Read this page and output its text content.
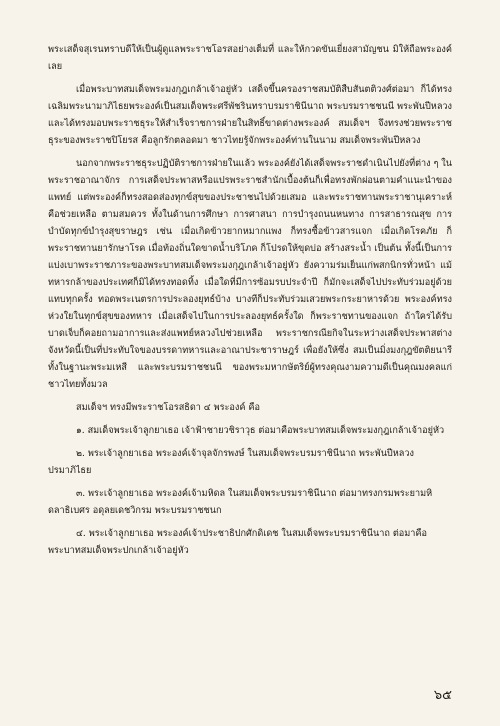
พระเสด็จสุเรนทราบดีให้เป็นผู้ดูแลพระราชโอรสอย่างเต็มที่ และให้กวดขันเยี่ยงสามัญชน มิให้ถือพระองค์เลย

เมื่อพระบาทสมเด็จพระมงกุฎเกล้าเจ้าอยู่หัว เสด็จขึ้นครองราชสมบัติสืบสันตติวงศ์ต่อมา ก็ได้ทรงเฉลิมพระนามาภิไธยพระองค์เป็นสมเด็จพระศรีพัชรินทราบรมราชินีนาถ พระบรมราชชนนี พระพันปีหลวง และได้ทรงมอบพระราชธุระให้สำเร็จราชการฝ่ายในสิทธิ์ขาดต่างพระองค์ สมเด็จฯ จึงทรงช่วยพระราชธุระของพระราชปิโยรส คือลูกรักตลอดมา ชาวไทยรู้จักพระองค์ท่านในนาม สมเด็จพระพันปีหลวง

นอกจากพระราชธุระปฏิบัติราชการฝ่ายในแล้ว พระองค์ยังได้เสด็จพระราชดำเนินไปยังที่ต่าง ๆ ในพระราชอาณาจักร การเสด็จประพาสหรือแปรพระราชสำนักเบื้องต้นก็เพื่อทรงพักผ่อนตามคำแนะนำของแพทย์ แต่พระองค์ก็ทรงสอดส่องทุกข์สุขของประชาชนไปด้วยเสมอ และพระราชทานพระราชานุเคราะห์ คือช่วยเหลือ ตามสมควร ทั้งในด้านการศึกษา การศาสนา การบำรุงถนนหนทาง การสาธารณสุข การบำบัดทุกข์บำรุงสุขราษฎร เช่น เมื่อเกิดข้าวยากหมากแพง ก็ทรงซื้อข้าวสารแจก เมื่อเกิดโรคภัย ก็พระราชทานยารักษาโรค เมื่อท้องถิ่นใดขาดน้ำบริโภค ก็โปรดให้ขุดบ่อ สร้างสระน้ำ เป็นต้น ทั้งนี้เป็นการแบ่งเบาพระราชภาระของพระบาทสมเด็จพระมงกุฎเกล้าเจ้าอยู่หัว ยังความร่มเย็นแก่พสกนิกรทั่วหน้า แม้ทหารกล้าของประเทศก็มิได้ทรงทอดทิ้ง เมื่อใดที่มีการซ้อมรบประจำปี ก็มักจะเสด็จไปประทับร่วมอยู่ด้วยแทบทุกครั้ง ทอดพระเนตรการประลองยุทธ์บ้าง บางทีก็ประทับร่วมเสวยพระกระยาหารด้วย พระองค์ทรงห่วงใยในทุกข์สุขของทหาร เมื่อเสด็จไปในการประลองยุทธ์ครั้งใด ก็พระราชทานของแจก ถ้าใครได้รับบาดเจ็บก็คอยถามอาการและส่งแพทย์หลวงไปช่วยเหลือ พระราชกรณียกิจในระหว่างเสด็จประพาสต่างจังหวัดนี้เป็นที่ประทับใจของบรรดาทหารและอาณาประชาราษฎร์ เพื่อยังให้ซึ่ง สมเป็นมิ่งมงกุฎขัตติยนารี ทั้งในฐานะพระมเหสี และพระบรมราชชนนี ของพระมหากษัตริย์ผู้ทรงคุณงามความดีเป็นคุณมงคลแก่ชาวไทยทั้งมวล

สมเด็จฯ ทรงมีพระราชโอรสธิดา ๔ พระองค์ คือ

๑. สมเด็จพระเจ้าลูกยาเธอ เจ้าฟ้าชายวชิราวุธ ต่อมาคือพระบาทสมเด็จพระมงกุฎเกล้าเจ้าอยู่หัว

๒. พระเจ้าลูกยาเธอ พระองค์เจ้าจุลจักรพงษ์ ในสมเด็จพระบรมราชินีนาถ พระพันปีหลวง ปรมาภิไธย

๓. พระเจ้าลูกยาเธอ พระองค์เจ้ามหิดล ในสมเด็จพระบรมราชินีนาถ ต่อมาทรงกรมพระยามหิดลาธิเบศร อดุลยเดชวิกรม พระบรมราชชนก

๔. พระเจ้าลูกยาเธอ พระองค์เจ้าประชาธิปกศักดิเดช ในสมเด็จพระบรมราชินีนาถ ต่อมาคือพระบาทสมเด็จพระปกเกล้าเจ้าอยู่หัว

๖๕
